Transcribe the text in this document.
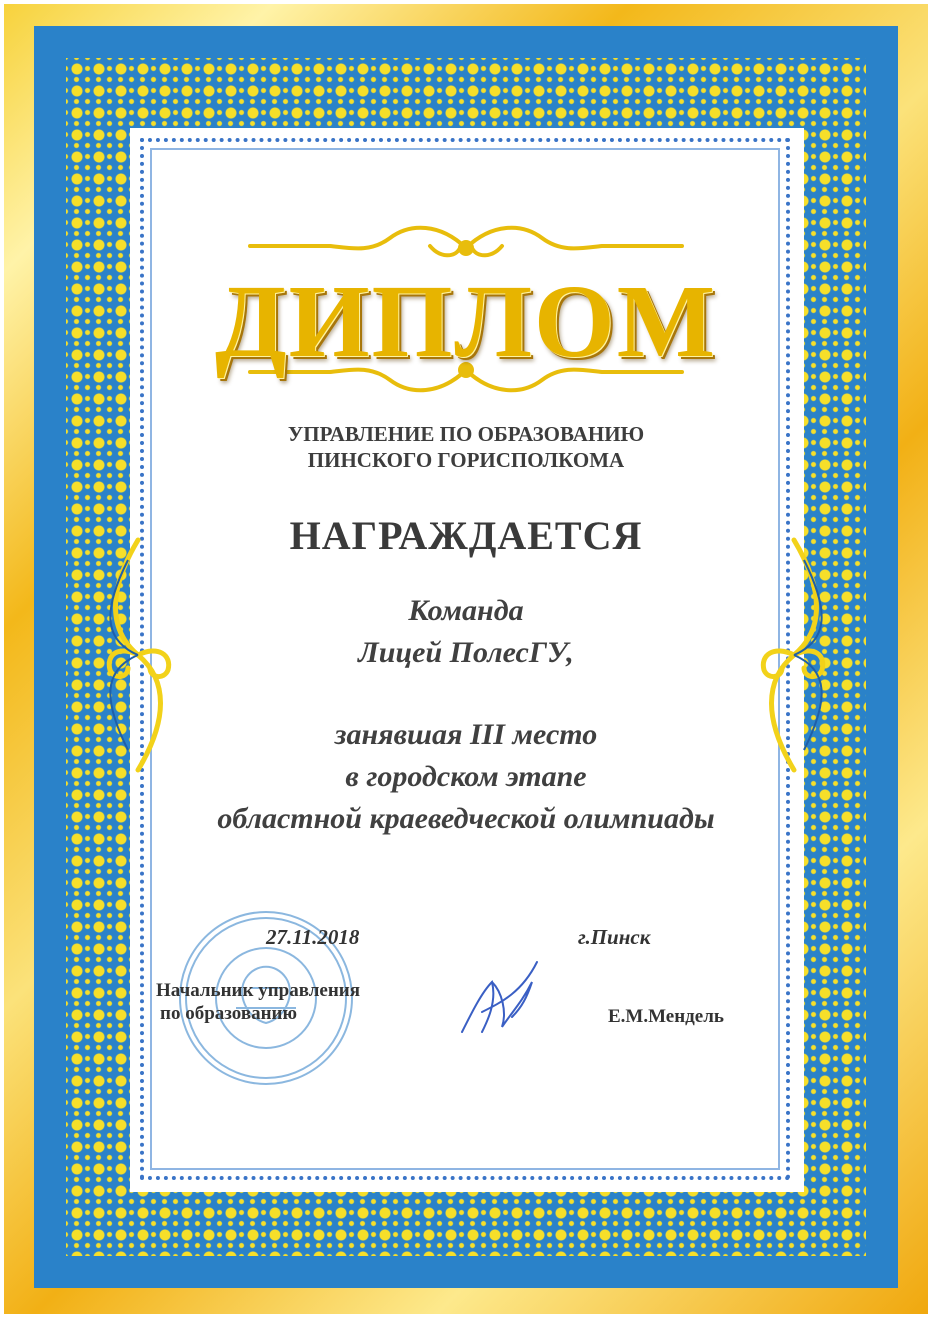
ДИПЛОМ
УПРАВЛЕНИЕ ПО ОБРАЗОВАНИЮ
ПИНСКОГО ГОРИСПОЛКОМА
НАГРАЖДАЕТСЯ
Команда
Лицей ПолесГУ,
занявшая III место
в городском этапе
областной краеведческой олимпиады
27.11.2018	г.Пинск
Начальник управления
по образованию	Е.М.Мендель
